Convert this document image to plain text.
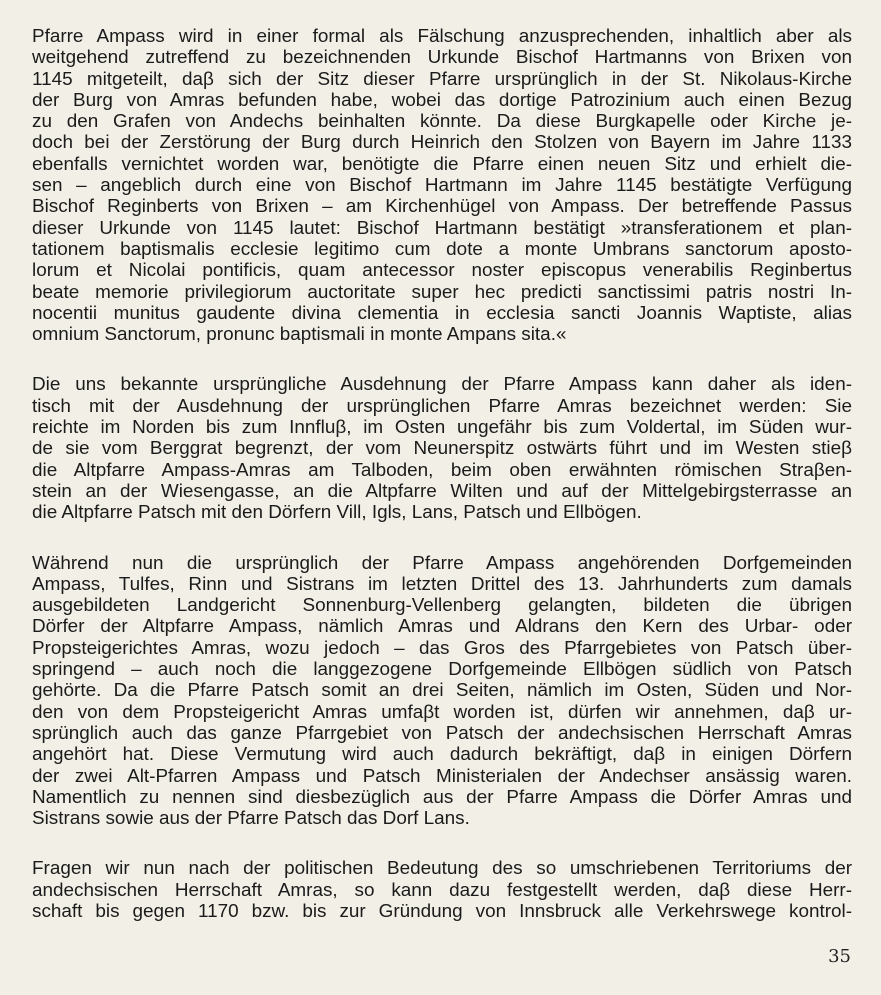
Pfarre Ampass wird in einer formal als Fälschung anzusprechenden, inhaltlich aber als
weitgehend zutreffend zu bezeichnenden Urkunde Bischof Hartmanns von Brixen von
1145 mitgeteilt, daβ sich der Sitz dieser Pfarre ursprünglich in der St. Nikolaus-Kirche
der Burg von Amras befunden habe, wobei das dortige Patrozinium auch einen Bezug
zu den Grafen von Andechs beinhalten könnte. Da diese Burgkapelle oder Kirche je-
doch bei der Zerstörung der Burg durch Heinrich den Stolzen von Bayern im Jahre 1133
ebenfalls vernichtet worden war, benötigte die Pfarre einen neuen Sitz und erhielt die-
sen – angeblich durch eine von Bischof Hartmann im Jahre 1145 bestätigte Verfügung
Bischof Reginberts von Brixen – am Kirchenhügel von Ampass. Der betreffende Passus
dieser Urkunde von 1145 lautet: Bischof Hartmann bestätigt »transferationem et plan-
tationem baptismalis ecclesie legitimo cum dote a monte Umbrans sanctorum aposto-
lorum et Nicolai pontificis, quam antecessor noster episcopus venerabilis Reginbertus
beate memorie privilegiorum auctoritate super hec predicti sanctissimi patris nostri In-
nocentii munitus gaudente divina clementia in ecclesia sancti Joannis Waptiste, alias
omnium Sanctorum, pronunc baptismali in monte Ampans sita.«

Die uns bekannte ursprüngliche Ausdehnung der Pfarre Ampass kann daher als iden-
tisch mit der Ausdehnung der ursprünglichen Pfarre Amras bezeichnet werden: Sie
reichte im Norden bis zum Innfluβ, im Osten ungefähr bis zum Voldertal, im Süden wur-
de sie vom Berggrat begrenzt, der vom Neunerspitz ostwärts führt und im Westen stieβ
die Altpfarre Ampass-Amras am Talboden, beim oben erwähnten römischen Straβen-
stein an der Wiesengasse, an die Altpfarre Wilten und auf der Mittelgebirgsterrasse an
die Altpfarre Patsch mit den Dörfern Vill, Igls, Lans, Patsch und Ellbögen.

Während nun die ursprünglich der Pfarre Ampass angehörenden Dorfgemeinden
Ampass, Tulfes, Rinn und Sistrans im letzten Drittel des 13. Jahrhunderts zum damals
ausgebildeten Landgericht Sonnenburg-Vellenberg gelangten, bildeten die übrigen
Dörfer der Altpfarre Ampass, nämlich Amras und Aldrans den Kern des Urbar- oder
Propsteigerichtes Amras, wozu jedoch – das Gros des Pfarrgebietes von Patsch über-
springend – auch noch die langgezogene Dorfgemeinde Ellbögen südlich von Patsch
gehörte. Da die Pfarre Patsch somit an drei Seiten, nämlich im Osten, Süden und Nor-
den von dem Propsteigericht Amras umfaβt worden ist, dürfen wir annehmen, daβ ur-
sprünglich auch das ganze Pfarrgebiet von Patsch der andechsischen Herrschaft Amras
angehört hat. Diese Vermutung wird auch dadurch bekräftigt, daβ in einigen Dörfern
der zwei Alt-Pfarren Ampass und Patsch Ministerialen der Andechser ansässig waren.
Namentlich zu nennen sind diesbezüglich aus der Pfarre Ampass die Dörfer Amras und
Sistrans sowie aus der Pfarre Patsch das Dorf Lans.

Fragen wir nun nach der politischen Bedeutung des so umschriebenen Territoriums der
andechsischen Herrschaft Amras, so kann dazu festgestellt werden, daβ diese Herr-
schaft bis gegen 1170 bzw. bis zur Gründung von Innsbruck alle Verkehrswege kontrol-

35
